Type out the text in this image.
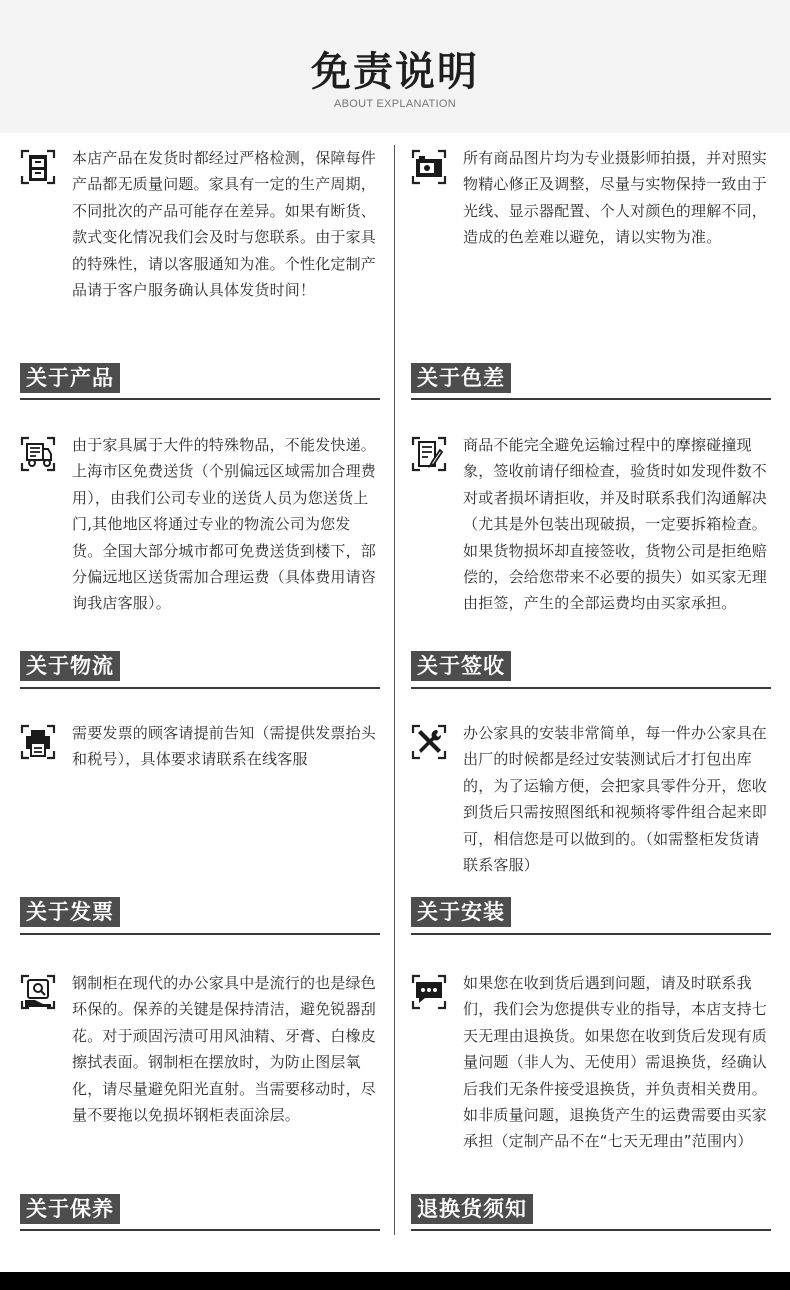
免责说明
ABOUT EXPLANATION
本店产品在发货时都经过严格检测，保障每件产品都无质量问题。家具有一定的生产周期，不同批次的产品可能存在差异。如果有断货、款式变化情况我们会及时与您联系。由于家具的特殊性，请以客服通知为准。个性化定制产品请于客户服务确认具体发货时间！
关于产品
由于家具属于大件的特殊物品，不能发快递。上海市区免费送货（个别偏远区域需加合理费用），由我们公司专业的送货人员为您送货上门,其他地区将通过专业的物流公司为您发货。全国大部分城市都可免费送货到楼下，部分偏远地区送货需加合理运费（具体费用请咨询我店客服）。
关于物流
需要发票的顾客请提前告知（需提供发票抬头和税号），具体要求请联系在线客服
关于发票
钢制柜在现代的办公家具中是流行的也是绿色环保的。保养的关键是保持清洁，避免锐器刮花。对于顽固污渍可用风油精、牙膏、白橡皮擦拭表面。钢制柜在摆放时，为防止图层氧化，请尽量避免阳光直射。当需要移动时，尽量不要拖以免损坏钢柜表面涂层。
关于保养
所有商品图片均为专业摄影师拍摄，并对照实物精心修正及调整，尽量与实物保持一致由于光线、显示器配置、个人对颜色的理解不同，造成的色差难以避免，请以实物为准。
关于色差
商品不能完全避免运输过程中的摩擦碰撞现象，签收前请仔细检查，验货时如发现件数不对或者损坏请拒收，并及时联系我们沟通解决（尤其是外包装出现破损，一定要拆箱检查。如果货物损坏却直接签收，货物公司是拒绝赔偿的，会给您带来不必要的损失）如买家无理由拒签，产生的全部运费均由买家承担。
关于签收
办公家具的安装非常简单，每一件办公家具在出厂的时候都是经过安装测试后才打包出库的，为了运输方便，会把家具零件分开，您收到货后只需按照图纸和视频将零件组合起来即可，相信您是可以做到的。（如需整柜发货请联系客服）
关于安装
如果您在收到货后遇到问题，请及时联系我们，我们会为您提供专业的指导，本店支持七天无理由退换货。如果您在收到货后发现有质量问题（非人为、无使用）需退换货，经确认后我们无条件接受退换货，并负责相关费用。如非质量问题，退换货产生的运费需要由买家承担（定制产品不在“七天无理由”范围内）
退换货须知
